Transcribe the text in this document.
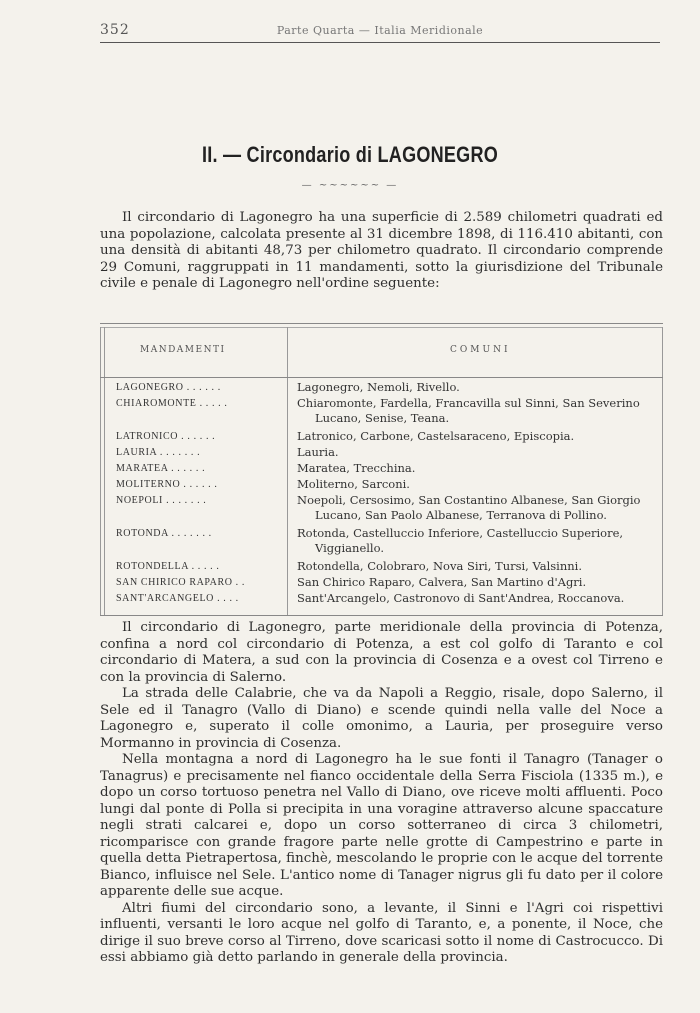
352	Parte Quarta — Italia Meridionale
II. — Circondario di LAGONEGRO
— ~~~~~~ —

Il circondario di Lagonegro ha una superficie di 2.589 chilometri quadrati ed una popolazione, calcolata presente al 31 dicembre 1898, di 116.410 abitanti, con una densità di abitanti 48,73 per chilometro quadrato. Il circondario comprende 29 Comuni, raggruppati in 11 mandamenti, sotto la giurisdizione del Tribunale civile e penale di Lagonegro nell'ordine seguente:

MANDAMENTI	COMUNI
LAGONEGRO . . . . . .	Lagonegro, Nemoli, Rivello.
CHIAROMONTE . . . . .	Chiaromonte, Fardella, Francavilla sul Sinni, San Severino Lucano, Senise, Teana.
LATRONICO . . . . . .	Latronico, Carbone, Castelsaraceno, Episcopia.
LAURIA . . . . . . .	Lauria.
MARATEA . . . . . .	Maratea, Trecchina.
MOLITERNO . . . . . .	Moliterno, Sarconi.
NOEPOLI . . . . . . .	Noepoli, Cersosimo, San Costantino Albanese, San Giorgio Lucano, San Paolo Albanese, Terranova di Pollino.
ROTONDA . . . . . . .	Rotonda, Castelluccio Inferiore, Castelluccio Superiore, Viggianello.
ROTONDELLA . . . . .	Rotondella, Colobraro, Nova Siri, Tursi, Valsinni.
SAN CHIRICO RAPARO . .	San Chirico Raparo, Calvera, San Martino d'Agri.
SANT'ARCANGELO . . . .	Sant'Arcangelo, Castronovo di Sant'Andrea, Roccanova.

Il circondario di Lagonegro, parte meridionale della provincia di Potenza, confina a nord col circondario di Potenza, a est col golfo di Taranto e col circondario di Matera, a sud con la provincia di Cosenza e a ovest col Tirreno e con la provincia di Salerno.

La strada delle Calabrie, che va da Napoli a Reggio, risale, dopo Salerno, il Sele ed il Tanagro (Vallo di Diano) e scende quindi nella valle del Noce a Lagonegro e, superato il colle omonimo, a Lauria, per proseguire verso Mormanno in provincia di Cosenza.

Nella montagna a nord di Lagonegro ha le sue fonti il Tanagro (Tanager o Tanagrus) e precisamente nel fianco occidentale della Serra Fisciola (1335 m.), e dopo un corso tortuoso penetra nel Vallo di Diano, ove riceve molti affluenti. Poco lungi dal ponte di Polla si precipita in una voragine attraverso alcune spaccature negli strati calcarei e, dopo un corso sotterraneo di circa 3 chilometri, ricomparisce con grande fragore parte nelle grotte di Campestrino e parte in quella detta Pietrapertosa, finchè, mescolando le proprie con le acque del torrente Bianco, influisce nel Sele. L'antico nome di Tanager nigrus gli fu dato per il colore apparente delle sue acque.

Altri fiumi del circondario sono, a levante, il Sinni e l'Agri coi rispettivi influenti, versanti le loro acque nel golfo di Taranto, e, a ponente, il Noce, che dirige il suo breve corso al Tirreno, dove scaricasi sotto il nome di Castrocucco. Di essi abbiamo già detto parlando in generale della provincia.
